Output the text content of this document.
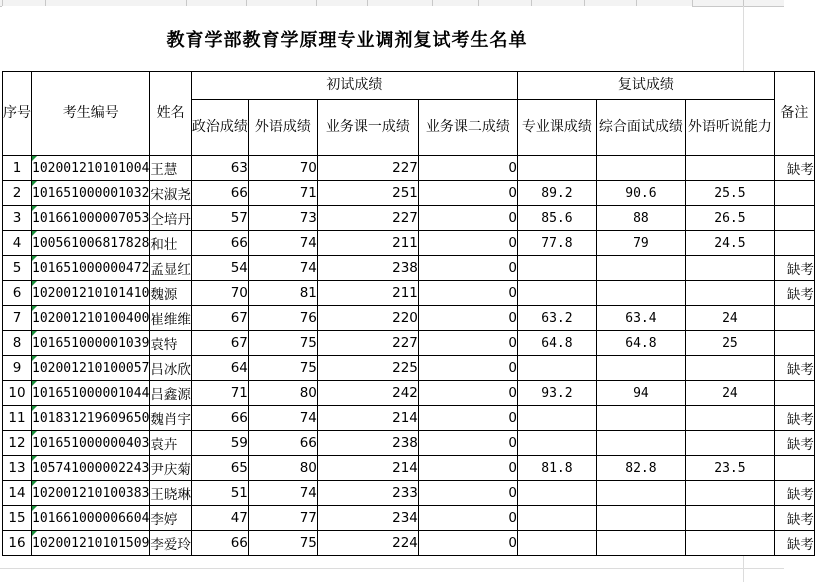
教育学部教育学原理专业调剂复试考生名单
序号	考生编号	姓名	初试成绩				复试成绩			备注
			政治成绩	外语成绩	业务课一成绩	业务课二成绩	专业课成绩	综合面试成绩	外语听说能力	
1	102001210101004	王慧	63	70	227	0				缺考
2	101651000001032	宋淑尧	66	71	251	0	89.2	90.6	25.5	
3	101661000007053	仝培丹	57	73	227	0	85.6	88	26.5	
4	100561006817828	和壮	66	74	211	0	77.8	79	24.5	
5	101651000000472	孟显红	54	74	238	0				缺考
6	102001210101410	魏源	70	81	211	0				缺考
7	102001210100400	崔维维	67	76	220	0	63.2	63.4	24	
8	101651000001039	袁特	67	75	227	0	64.8	64.8	25	
9	102001210100057	吕冰欣	64	75	225	0				缺考
10	101651000001044	吕鑫源	71	80	242	0	93.2	94	24	
11	101831219609650	魏肖宇	66	74	214	0				缺考
12	101651000000403	袁卉	59	66	238	0				缺考
13	105741000002243	尹庆菊	65	80	214	0	81.8	82.8	23.5	
14	102001210100383	王晓琳	51	74	233	0				缺考
15	101661000006604	李婷	47	77	234	0				缺考
16	102001210101509	李爱玲	66	75	224	0				缺考
